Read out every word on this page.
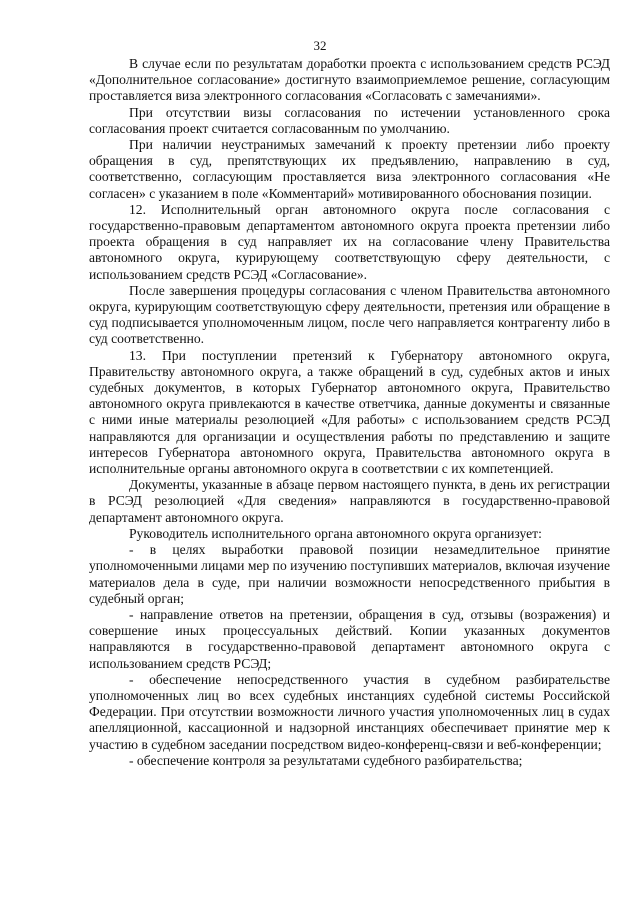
32

В случае если по результатам доработки проекта с использованием средств РСЭД «Дополнительное согласование» достигнуто взаимоприемлемое решение, согласующим проставляется виза электронного согласования «Согласовать с замечаниями».

При отсутствии визы согласования по истечении установленного срока согласования проект считается согласованным по умолчанию.

При наличии неустранимых замечаний к проекту претензии либо проекту обращения в суд, препятствующих их предъявлению, направлению в суд, соответственно, согласующим проставляется виза электронного согласования «Не согласен» с указанием в поле «Комментарий» мотивированного обоснования позиции.

12. Исполнительный орган автономного округа после согласования с государственно-правовым департаментом автономного округа проекта претензии либо проекта обращения в суд направляет их на согласование члену Правительства автономного округа, курирующему соответствующую сферу деятельности, с использованием средств РСЭД «Согласование».

После завершения процедуры согласования с членом Правительства автономного округа, курирующим соответствующую сферу деятельности, претензия или обращение в суд подписывается уполномоченным лицом, после чего направляется контрагенту либо в суд соответственно.

13. При поступлении претензий к Губернатору автономного округа, Правительству автономного округа, а также обращений в суд, судебных актов и иных судебных документов, в которых Губернатор автономного округа, Правительство автономного округа привлекаются в качестве ответчика, данные документы и связанные с ними иные материалы резолюцией «Для работы» с использованием средств РСЭД направляются для организации и осуществления работы по представлению и защите интересов Губернатора автономного округа, Правительства автономного округа в исполнительные органы автономного округа в соответствии с их компетенцией.

Документы, указанные в абзаце первом настоящего пункта, в день их регистрации в РСЭД резолюцией «Для сведения» направляются в государственно-правовой департамент автономного округа.

Руководитель исполнительного органа автономного округа организует:

- в целях выработки правовой позиции незамедлительное принятие уполномоченными лицами мер по изучению поступивших материалов, включая изучение материалов дела в суде, при наличии возможности непосредственного прибытия в судебный орган;

- направление ответов на претензии, обращения в суд, отзывы (возражения) и совершение иных процессуальных действий. Копии указанных документов направляются в государственно-правовой департамент автономного округа с использованием средств РСЭД;

- обеспечение непосредственного участия в судебном разбирательстве уполномоченных лиц во всех судебных инстанциях судебной системы Российской Федерации. При отсутствии возможности личного участия уполномоченных лиц в судах апелляционной, кассационной и надзорной инстанциях обеспечивает принятие мер к участию в судебном заседании посредством видео-конференц-связи и веб-конференции;

- обеспечение контроля за результатами судебного разбирательства;
